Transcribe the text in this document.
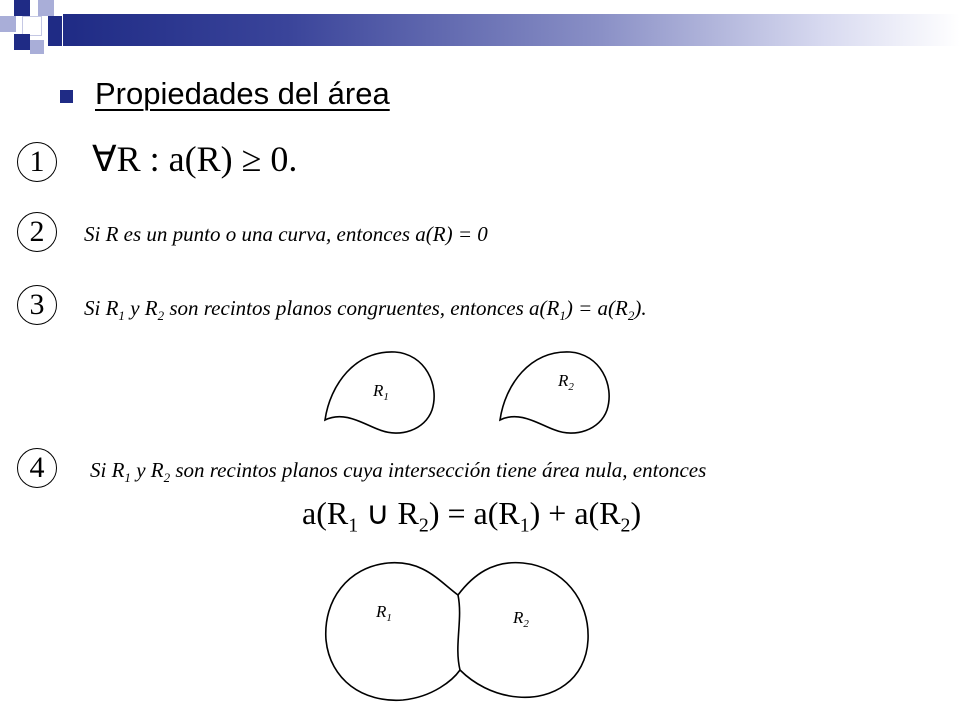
Propiedades del área
1	∀R : a(R) ≥ 0.
2	Si R es un punto o una curva, entonces a(R) = 0
3	Si $R_1$ y $R_2$ son recintos planos congruentes, entonces $a(R_1) = a(R_2)$.
$R_1$
$R_2$
4	Si $R_1$ y $R_2$ son recintos planos cuya intersección tiene área nula, entonces
$a(R_1$ ∪ $R_2) = a(R_1) + a(R_2)$
$R_1$	$R_2$
